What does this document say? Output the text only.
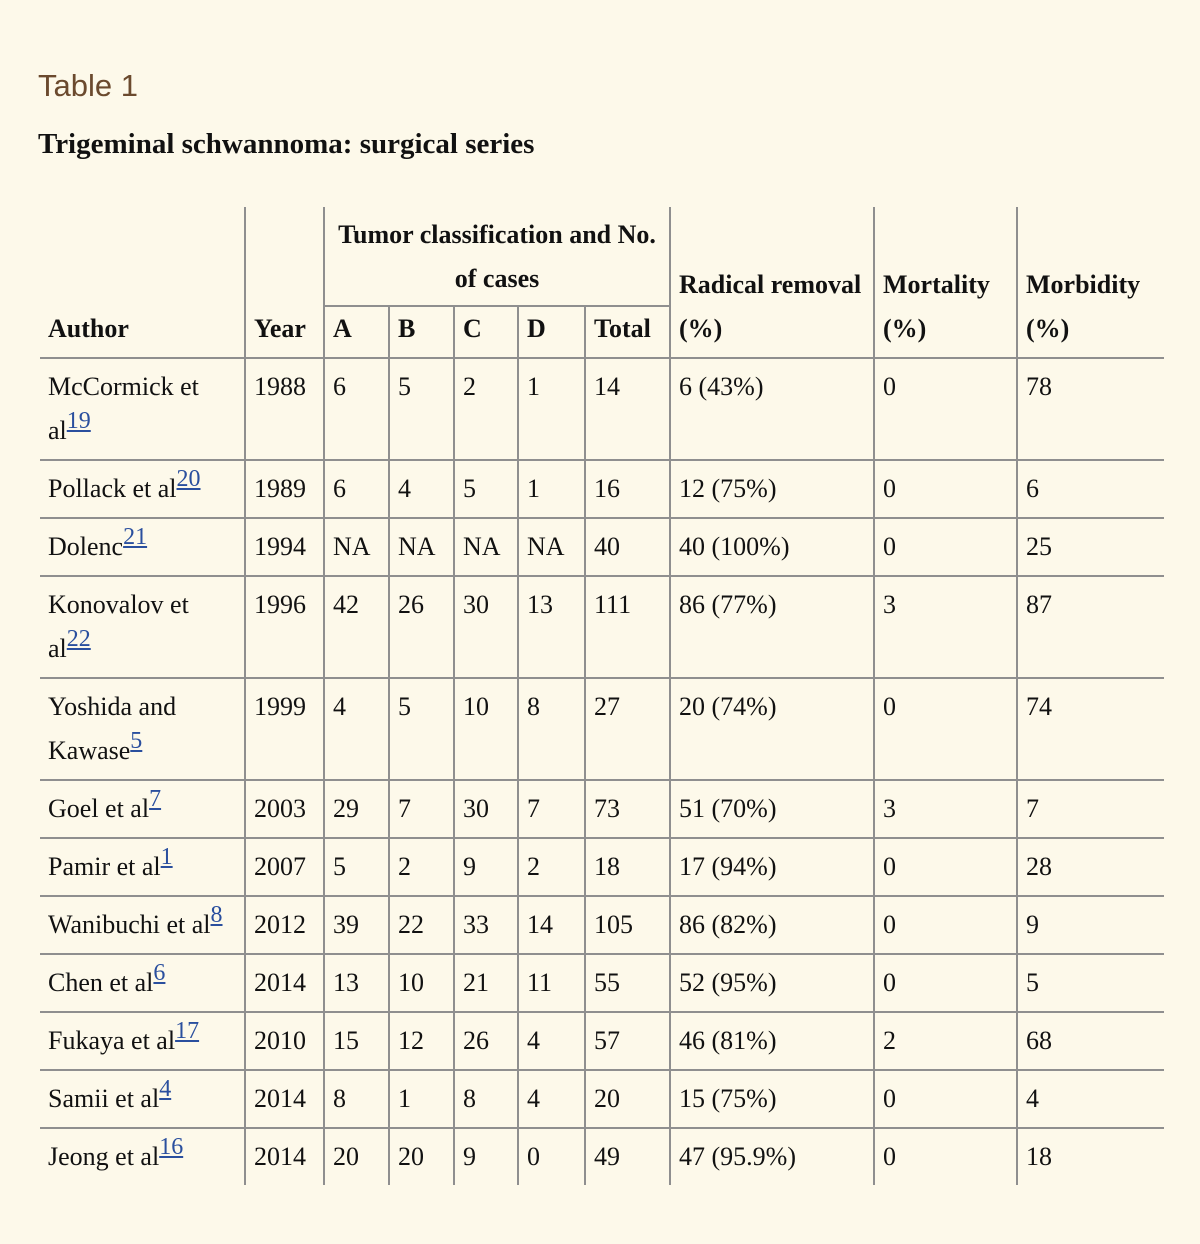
Table 1
Trigeminal schwannoma: surgical series
Author	Year	Tumor classification and No. of cases					Radical removal (%)	Mortality (%)	Morbidity (%)
		A	B	C	D	Total			
McCormick et al19	1988	6	5	2	1	14	6 (43%)	0	78
Pollack et al20	1989	6	4	5	1	16	12 (75%)	0	6
Dolenc21	1994	NA	NA	NA	NA	40	40 (100%)	0	25
Konovalov et al22	1996	42	26	30	13	111	86 (77%)	3	87
Yoshida and Kawase5	1999	4	5	10	8	27	20 (74%)	0	74
Goel et al7	2003	29	7	30	7	73	51 (70%)	3	7
Pamir et al1	2007	5	2	9	2	18	17 (94%)	0	28
Wanibuchi et al8	2012	39	22	33	14	105	86 (82%)	0	9
Chen et al6	2014	13	10	21	11	55	52 (95%)	0	5
Fukaya et al17	2010	15	12	26	4	57	46 (81%)	2	68
Samii et al4	2014	8	1	8	4	20	15 (75%)	0	4
Jeong et al16	2014	20	20	9	0	49	47 (95.9%)	0	18
